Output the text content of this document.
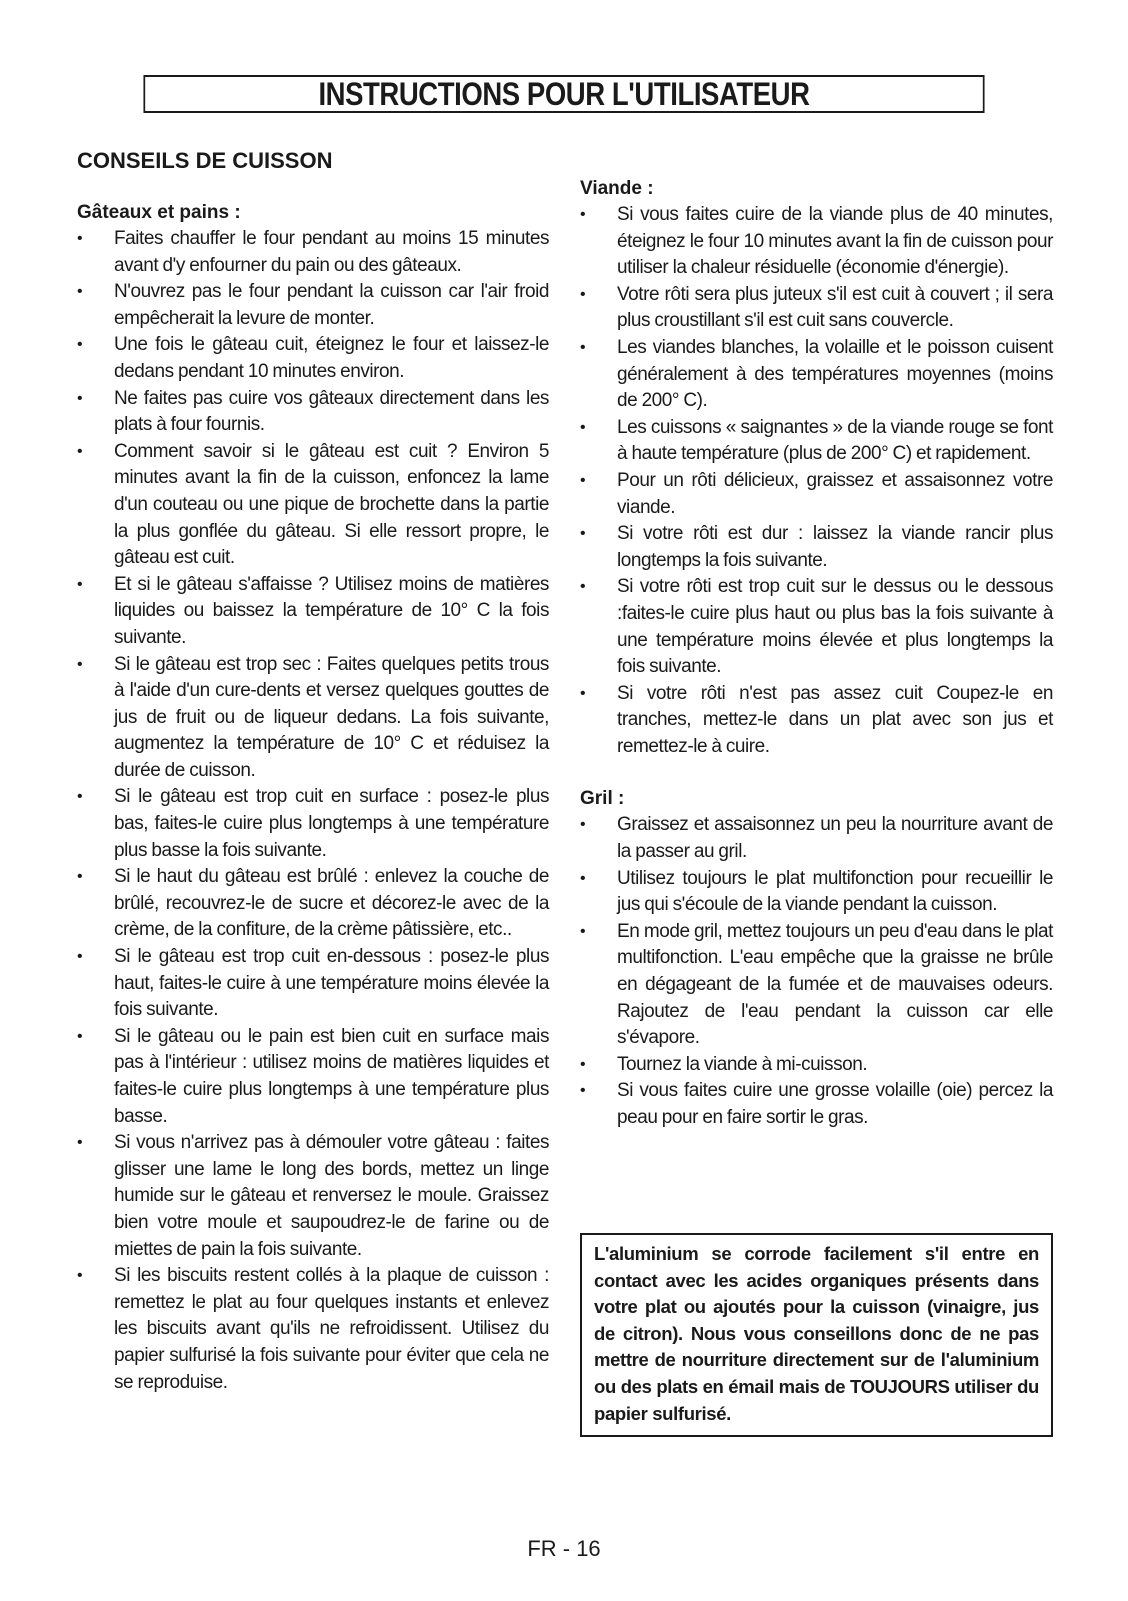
INSTRUCTIONS POUR L'UTILISATEUR
CONSEILS DE CUISSON
Gâteaux et pains :
• Faites chauffer le four pendant au moins 15 minutes avant d'y enfourner du pain ou des gâteaux.
• N'ouvrez pas le four pendant la cuisson car l'air froid empêcherait la levure de monter.
• Une fois le gâteau cuit, éteignez le four et laissez-le dedans pendant 10 minutes environ.
• Ne faites pas cuire vos gâteaux directement dans les plats à four fournis.
• Comment savoir si le gâteau est cuit ? Environ 5 minutes avant la fin de la cuisson, enfoncez la lame d'un couteau ou une pique de brochette dans la partie la plus gonflée du gâteau. Si elle ressort propre, le gâteau est cuit.
• Et si le gâteau s'affaisse ? Utilisez moins de matières liquides ou baissez la température de 10° C la fois suivante.
• Si le gâteau est trop sec : Faites quelques petits trous à l'aide d'un cure-dents et versez quelques gouttes de jus de fruit ou de liqueur dedans. La fois suivante, augmentez la température de 10° C et réduisez la durée de cuisson.
• Si le gâteau est trop cuit en surface : posez-le plus bas, faites-le cuire plus longtemps à une température plus basse la fois suivante.
• Si le haut du gâteau est brûlé : enlevez la couche de brûlé, recouvrez-le de sucre et décorez-le avec de la crème, de la confiture, de la crème pâtissière, etc..
• Si le gâteau est trop cuit en-dessous : posez-le plus haut, faites-le cuire à une température moins élevée la fois suivante.
• Si le gâteau ou le pain est bien cuit en surface mais pas à l'intérieur : utilisez moins de matières liquides et faites-le cuire plus longtemps à une température plus basse.
• Si vous n'arrivez pas à démouler votre gâteau : faites glisser une lame le long des bords, mettez un linge humide sur le gâteau et renversez le moule. Graissez bien votre moule et saupoudrez-le de farine ou de miettes de pain la fois suivante.
• Si les biscuits restent collés à la plaque de cuisson : remettez le plat au four quelques instants et enlevez les biscuits avant qu'ils ne refroidissent. Utilisez du papier sulfurisé la fois suivante pour éviter que cela ne se reproduise.
Viande :
• Si vous faites cuire de la viande plus de 40 minutes, éteignez le four 10 minutes avant la fin de cuisson pour utiliser la chaleur résiduelle (économie d'énergie).
• Votre rôti sera plus juteux s'il est cuit à couvert ; il sera plus croustillant s'il est cuit sans couvercle.
• Les viandes blanches, la volaille et le poisson cuisent généralement à des températures moyennes (moins de 200° C).
• Les cuissons « saignantes » de la viande rouge se font à haute température (plus de 200° C) et rapidement.
• Pour un rôti délicieux, graissez et assaisonnez votre viande.
• Si votre rôti est dur : laissez la viande rancir plus longtemps la fois suivante.
• Si votre rôti est trop cuit sur le dessus ou le dessous :faites-le cuire plus haut ou plus bas la fois suivante à une température moins élevée et plus longtemps la fois suivante.
• Si votre rôti n'est pas assez cuit Coupez-le en tranches, mettez-le dans un plat avec son jus et remettez-le à cuire.
Gril :
• Graissez et assaisonnez un peu la nourriture avant de la passer au gril.
• Utilisez toujours le plat multifonction pour recueillir le jus qui s'écoule de la viande pendant la cuisson.
• En mode gril, mettez toujours un peu d'eau dans le plat multifonction. L'eau empêche que la graisse ne brûle en dégageant de la fumée et de mauvaises odeurs. Rajoutez de l'eau pendant la cuisson car elle s'évapore.
• Tournez la viande à mi-cuisson.
• Si vous faites cuire une grosse volaille (oie) percez la peau pour en faire sortir le gras.
L'aluminium se corrode facilement s'il entre en contact avec les acides organiques présents dans votre plat ou ajoutés pour la cuisson (vinaigre, jus de citron). Nous vous conseillons donc de ne pas mettre de nourriture directement sur de l'aluminium ou des plats en émail mais de TOUJOURS utiliser du papier sulfurisé.
FR - 16
